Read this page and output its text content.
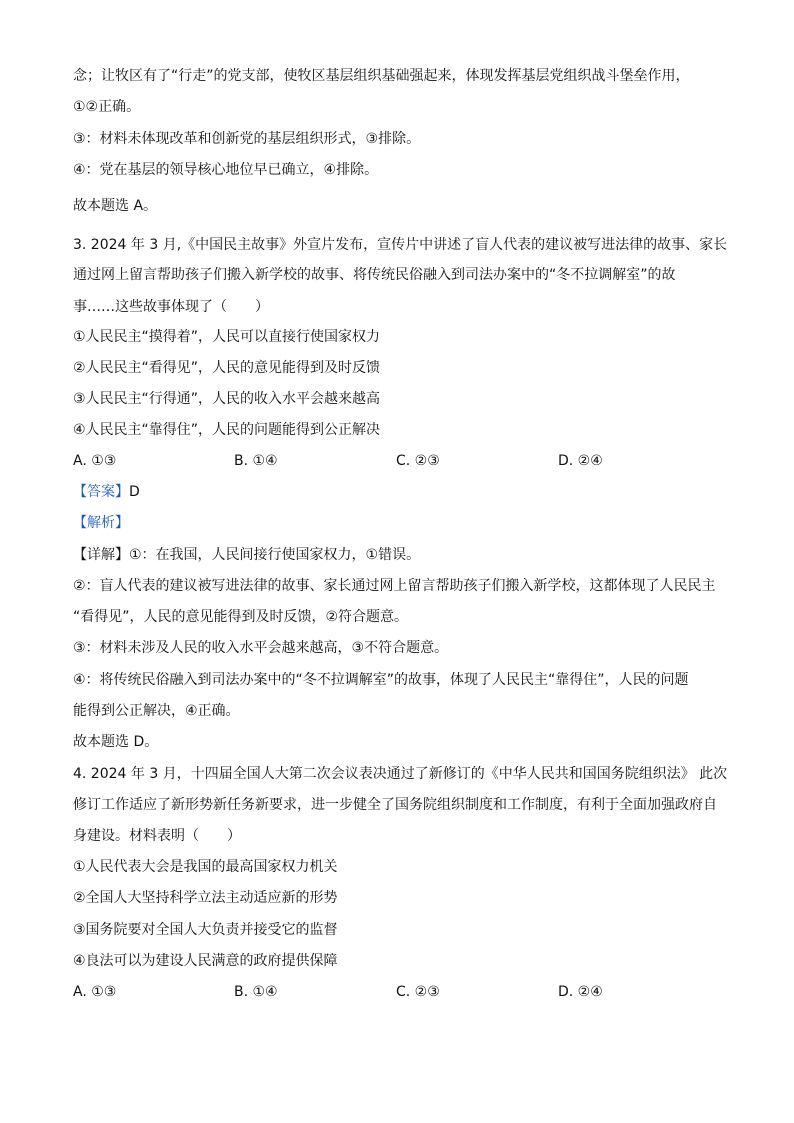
念；让牧区有了“行走”的党支部，使牧区基层组织基础强起来，体现发挥基层党组织战斗堡垒作用，
①②正确。
③：材料未体现改革和创新党的基层组织形式，③排除。
④：党在基层的领导核心地位早已确立，④排除。
故本题选 A。
3. 2024 年 3 月,《中国民主故事》外宣片发布，宣传片中讲述了盲人代表的建议被写进法律的故事、家长
通过网上留言帮助孩子们搬入新学校的故事、将传统民俗融入到司法办案中的“冬不拉调解室”的故
事……这些故事体现了（　　）
①人民民主“摸得着”，人民可以直接行使国家权力
②人民民主“看得见”，人民的意见能得到及时反馈
③人民民主“行得通”，人民的收入水平会越来越高
④人民民主“靠得住”，人民的问题能得到公正解决
A. ①③	B. ①④	C. ②③	D. ②④
【答案】D
【解析】
【详解】①：在我国，人民间接行使国家权力，①错误。
②：盲人代表的建议被写进法律的故事、家长通过网上留言帮助孩子们搬入新学校，这都体现了人民民主
“看得见”，人民的意见能得到及时反馈，②符合题意。
③：材料未涉及人民的收入水平会越来越高，③不符合题意。
④：将传统民俗融入到司法办案中的“冬不拉调解室”的故事，体现了人民民主“靠得住”，人民的问题
能得到公正解决，④正确。
故本题选 D。
4. 2024 年 3 月，十四届全国人大第二次会议表决通过了新修订的《中华人民共和国国务院组织法》 此次
修订工作适应了新形势新任务新要求，进一步健全了国务院组织制度和工作制度，有利于全面加强政府自
身建设。材料表明（　　）
①人民代表大会是我国的最高国家权力机关
②全国人大坚持科学立法主动适应新的形势
③国务院要对全国人大负责并接受它的监督
④良法可以为建设人民满意的政府提供保障
A. ①③	B. ①④	C. ②③	D. ②④
